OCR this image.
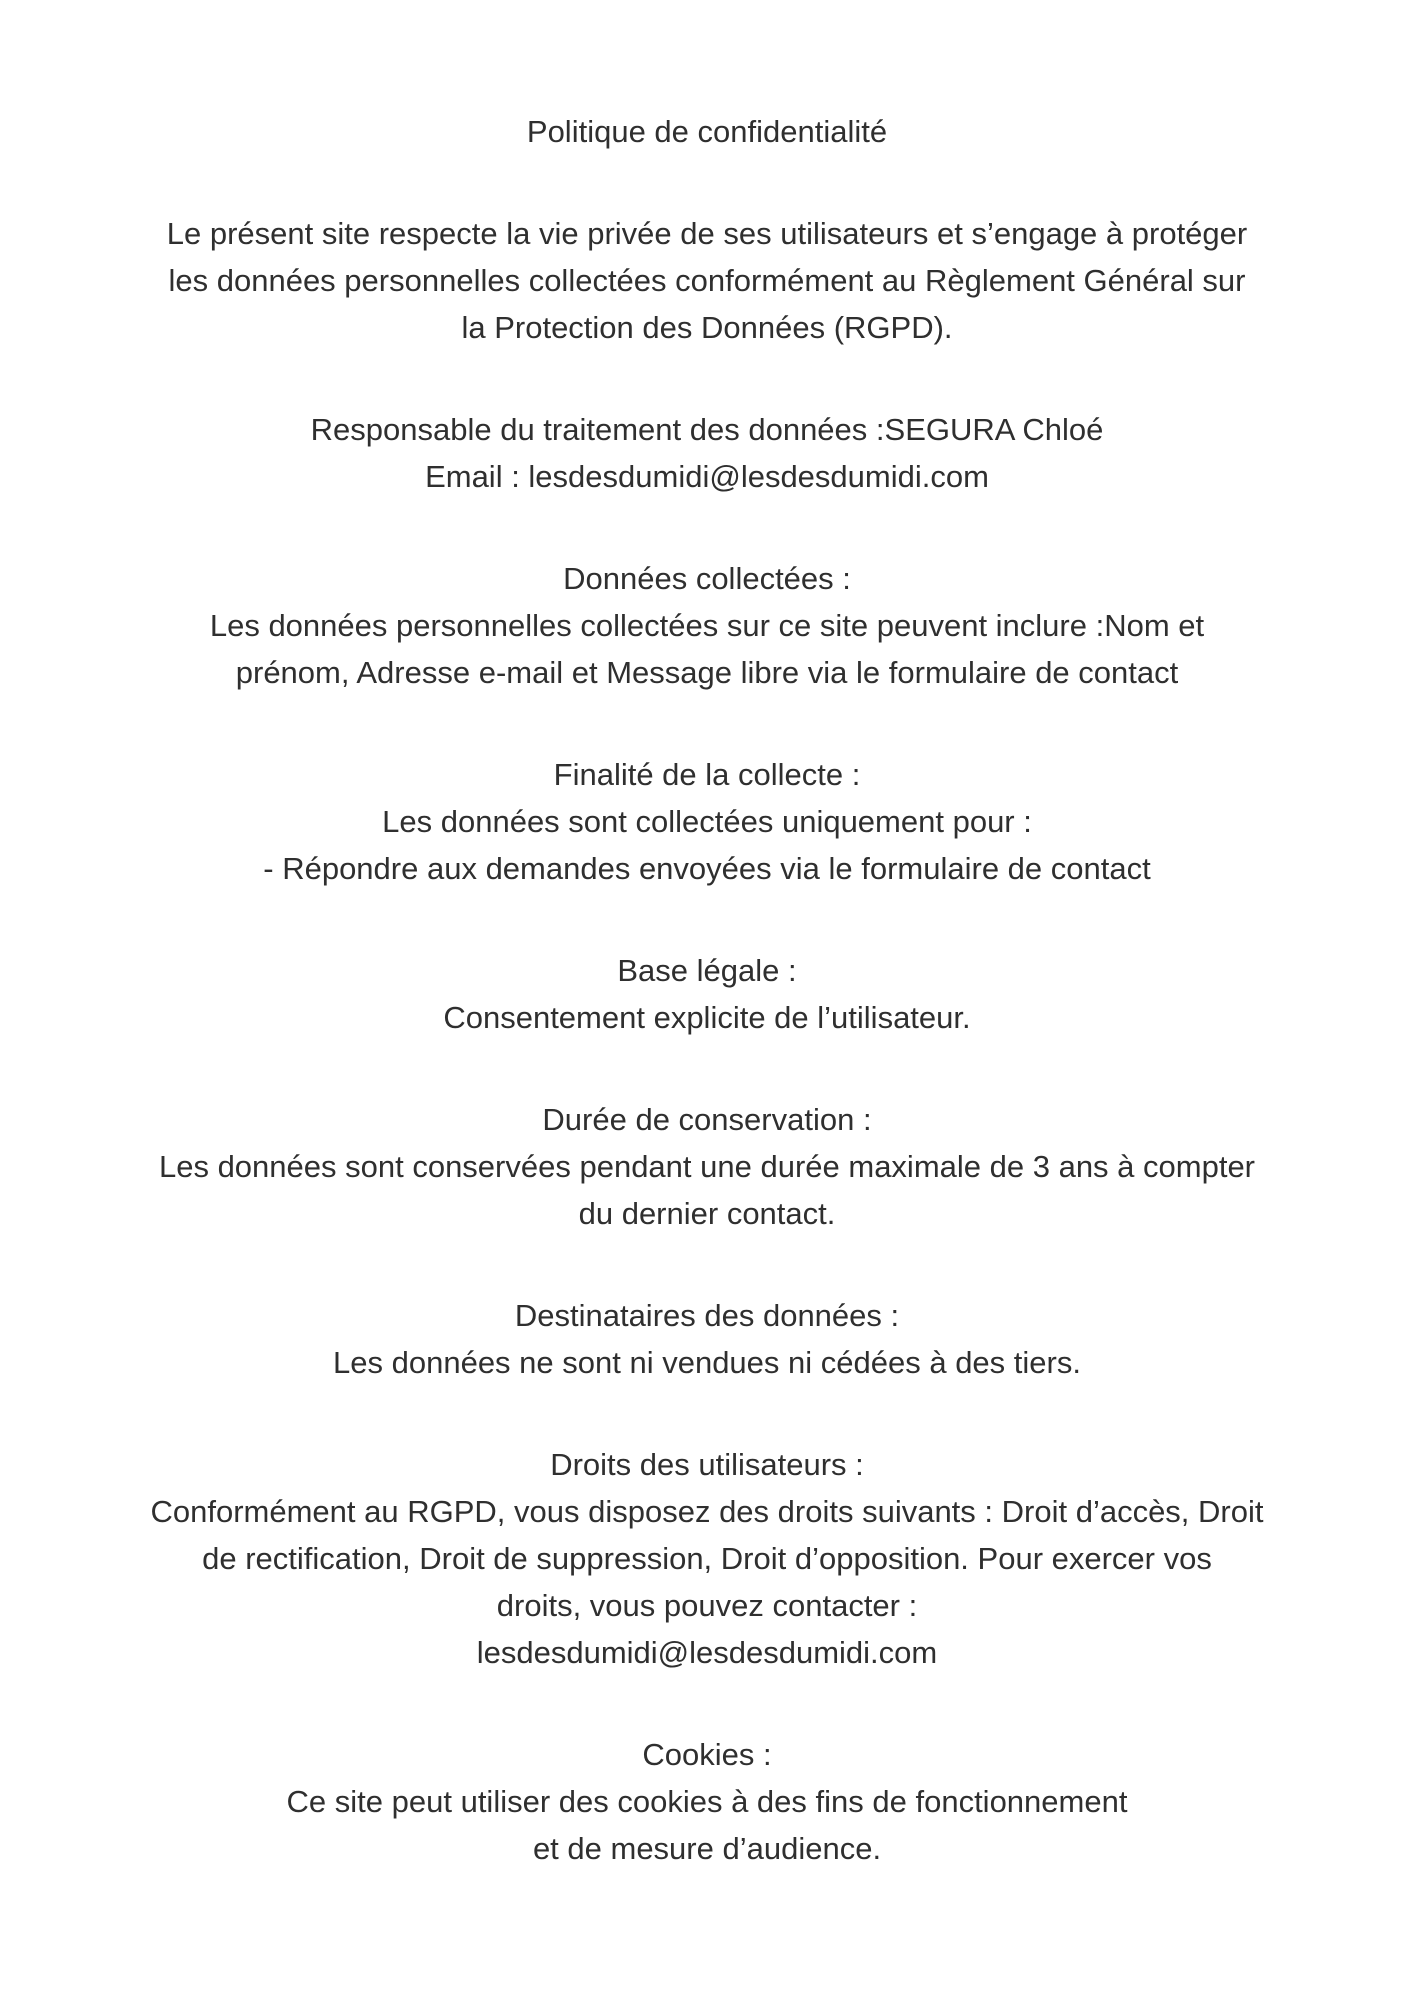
Politique de confidentialité

Le présent site respecte la vie privée de ses utilisateurs et s’engage à protéger
les données personnelles collectées conformément au Règlement Général sur
la Protection des Données (RGPD).

Responsable du traitement des données :SEGURA Chloé
Email : lesdesdumidi@lesdesdumidi.com

Données collectées :
Les données personnelles collectées sur ce site peuvent inclure :Nom et
prénom, Adresse e-mail et Message libre via le formulaire de contact

Finalité de la collecte :
Les données sont collectées uniquement pour :
- Répondre aux demandes envoyées via le formulaire de contact

Base légale :
Consentement explicite de l’utilisateur.

Durée de conservation :
Les données sont conservées pendant une durée maximale de 3 ans à compter
du dernier contact.

Destinataires des données :
Les données ne sont ni vendues ni cédées à des tiers.

Droits des utilisateurs :
Conformément au RGPD, vous disposez des droits suivants : Droit d’accès, Droit
de rectification, Droit de suppression, Droit d’opposition. Pour exercer vos
droits, vous pouvez contacter :
lesdesdumidi@lesdesdumidi.com

Cookies :
Ce site peut utiliser des cookies à des fins de fonctionnement
et de mesure d’audience.
